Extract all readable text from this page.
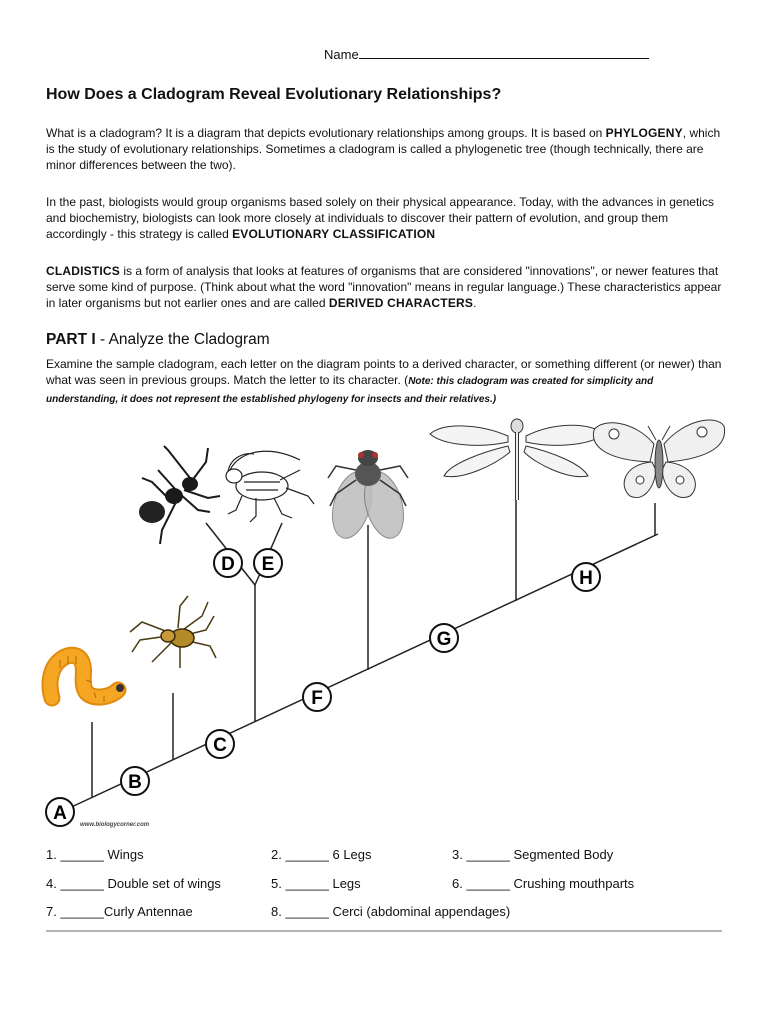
Name
How Does a Cladogram Reveal Evolutionary Relationships?
What is a cladogram? It is a diagram that depicts evolutionary relationships among groups. It is based on PHYLOGENY, which is the study of evolutionary relationships. Sometimes a cladogram is called a phylogenetic tree (though technically, there are minor differences between the two).
In the past, biologists would group organisms based solely on their physical appearance. Today, with the advances in genetics and biochemistry, biologists can look more closely at individuals to discover their pattern of evolution, and group them accordingly - this strategy is called EVOLUTIONARY CLASSIFICATION
CLADISTICS is a form of analysis that looks at features of organisms that are considered "innovations", or newer features that serve some kind of purpose. (Think about what the word "innovation" means in regular language.) These characteristics appear in later organisms but not earlier ones and are called DERIVED CHARACTERS.
PART I - Analyze the Cladogram
Examine the sample cladogram, each letter on the diagram points to a derived character, or something different (or newer) than what was seen in previous groups. Match the letter to its character. (Note: this cladogram was created for simplicity and understanding, it does not represent the established phylogeny for insects and their relatives.)
A
B
C
D E
F
G
H
www.biologycorner.com
1. ______ Wings	2. ______ 6 Legs	3. ______ Segmented Body
4. ______ Double set of wings	5. ______ Legs	6. ______ Crushing mouthparts
7. ______Curly Antennae	8. ______ Cerci (abdominal appendages)
